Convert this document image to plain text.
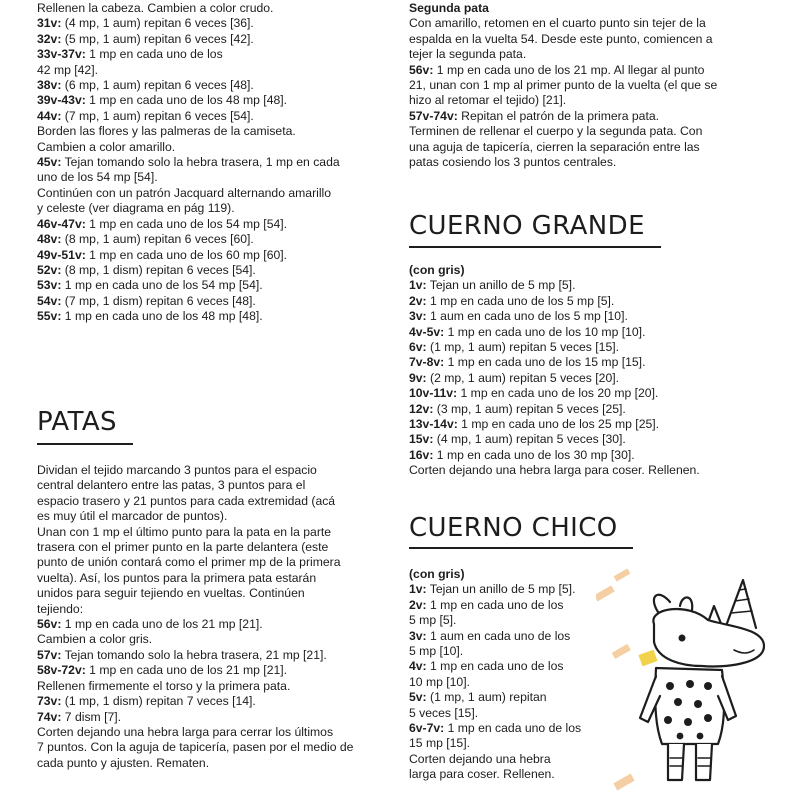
Rellenen la cabeza. Cambien a color crudo.

31v: (4 mp, 1 aum) repitan 6 veces [36].

32v: (5 mp, 1 aum) repitan 6 veces [42].

33v-37v: 1 mp en cada uno de los

42 mp [42].

38v: (6 mp, 1 aum) repitan 6 veces [48].

39v-43v: 1 mp en cada uno de los 48 mp [48].

44v: (7 mp, 1 aum) repitan 6 veces [54].

Borden las flores y las palmeras de la camiseta.

Cambien a color amarillo.

45v: Tejan tomando solo la hebra trasera, 1 mp en cada

uno de los 54 mp [54].

Continúen con un patrón Jacquard alternando amarillo

y celeste (ver diagrama en pág 119).

46v-47v: 1 mp en cada uno de los 54 mp [54].

48v: (8 mp, 1 aum) repitan 6 veces [60].

49v-51v: 1 mp en cada uno de los 60 mp [60].

52v: (8 mp, 1 dism) repitan 6 veces [54].

53v: 1 mp en cada uno de los 54 mp [54].

54v: (7 mp, 1 dism) repitan 6 veces [48].

55v: 1 mp en cada uno de los 48 mp [48].

PATAS

Dividan el tejido marcando 3 puntos para el espacio

central delantero entre las patas, 3 puntos para el

espacio trasero y 21 puntos para cada extremidad (acá

es muy útil el marcador de puntos).

Unan con 1 mp el último punto para la pata en la parte

trasera con el primer punto en la parte delantera (este

punto de unión contará como el primer mp de la primera

vuelta). Así, los puntos para la primera pata estarán

unidos para seguir tejiendo en vueltas. Continúen

tejiendo:

56v: 1 mp en cada uno de los 21 mp [21].

Cambien a color gris.

57v: Tejan tomando solo la hebra trasera, 21 mp [21].

58v-72v: 1 mp en cada uno de los 21 mp [21].

Rellenen firmemente el torso y la primera pata.

73v: (1 mp, 1 dism) repitan 7 veces [14].

74v: 7 dism [7].

Corten dejando una hebra larga para cerrar los últimos

7 puntos. Con la aguja de tapicería, pasen por el medio de

cada punto y ajusten. Rematen.

Segunda pata

Con amarillo, retomen en el cuarto punto sin tejer de la

espalda en la vuelta 54. Desde este punto, comiencen a

tejer la segunda pata.

56v: 1 mp en cada uno de los 21 mp. Al llegar al punto

21, unan con 1 mp al primer punto de la vuelta (el que se

hizo al retomar el tejido) [21].

57v-74v: Repitan el patrón de la primera pata.

Terminen de rellenar el cuerpo y la segunda pata. Con

una aguja de tapicería, cierren la separación entre las

patas cosiendo los 3 puntos centrales.

CUERNO GRANDE

(con gris)

1v: Tejan un anillo de 5 mp [5].

2v: 1 mp en cada uno de los 5 mp [5].

3v: 1 aum en cada uno de los 5 mp [10].

4v-5v: 1 mp en cada uno de los 10 mp [10].

6v: (1 mp, 1 aum) repitan 5 veces [15].

7v-8v: 1 mp en cada uno de los 15 mp [15].

9v: (2 mp, 1 aum) repitan 5 veces [20].

10v-11v: 1 mp en cada uno de los 20 mp [20].

12v: (3 mp, 1 aum) repitan 5 veces [25].

13v-14v: 1 mp en cada uno de los 25 mp [25].

15v: (4 mp, 1 aum) repitan 5 veces [30].

16v: 1 mp en cada uno de los 30 mp [30].

Corten dejando una hebra larga para coser. Rellenen.

CUERNO CHICO

(con gris)

1v: Tejan un anillo de 5 mp [5].

2v: 1 mp en cada uno de los

5 mp [5].

3v: 1 aum en cada uno de los

5 mp [10].

4v: 1 mp en cada uno de los

10 mp [10].

5v: (1 mp, 1 aum) repitan

5 veces [15].

6v-7v: 1 mp en cada uno de los

15 mp [15].

Corten dejando una hebra

larga para coser. Rellenen.
